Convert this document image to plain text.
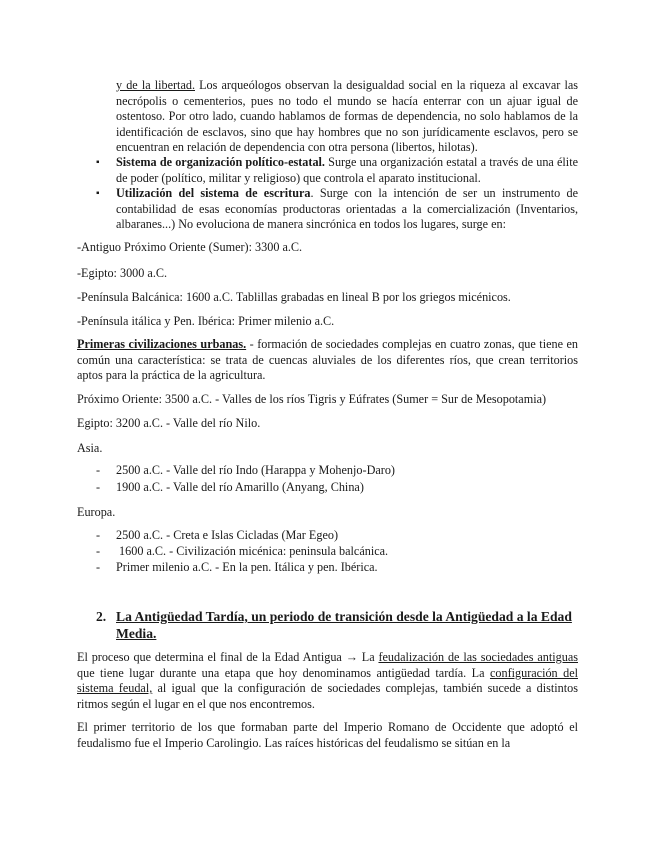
y de la libertad. Los arqueólogos observan la desigualdad social en la riqueza al excavar las necrópolis o cementerios, pues no todo el mundo se hacía enterrar con un ajuar igual de ostentoso. Por otro lado, cuando hablamos de formas de dependencia, no solo hablamos de la identificación de esclavos, sino que hay hombres que no son jurídicamente esclavos, pero se encuentran en relación de dependencia con otra persona (libertos, hilotas).

▪ Sistema de organización político-estatal. Surge una organización estatal a través de una élite de poder (político, militar y religioso) que controla el aparato institucional.

▪ Utilización del sistema de escritura. Surge con la intención de ser un instrumento de contabilidad de esas economías productoras orientadas a la comercialización (Inventarios, albaranes...) No evoluciona de manera sincrónica en todos los lugares, surge en:

-Antiguo Próximo Oriente (Sumer): 3300 a.C.

-Egipto: 3000 a.C.

-Península Balcánica: 1600 a.C. Tablillas grabadas en lineal B por los griegos micénicos.

-Península itálica y Pen. Ibérica: Primer milenio a.C.

Primeras civilizaciones urbanas. - formación de sociedades complejas en cuatro zonas, que tiene en común una característica: se trata de cuencas aluviales de los diferentes ríos, que crean territorios aptos para la práctica de la agricultura.

Próximo Oriente: 3500 a.C. - Valles de los ríos Tigris y Eúfrates (Sumer = Sur de Mesopotamia)

Egipto: 3200 a.C. - Valle del río Nilo.

Asia.

- 2500 a.C. - Valle del río Indo (Harappa y Mohenjo-Daro)

- 1900 a.C. - Valle del río Amarillo (Anyang, China)

Europa.

- 2500 a.C. - Creta e Islas Cicladas (Mar Egeo)

- 1600 a.C. - Civilización micénica: peninsula balcánica.

- Primer milenio a.C. - En la pen. Itálica y pen. Ibérica.

2. La Antigüedad Tardía, un periodo de transición desde la Antigüedad a la Edad Media.

El proceso que determina el final de la Edad Antigua → La feudalización de las sociedades antiguas que tiene lugar durante una etapa que hoy denominamos antigüedad tardía. La configuración del sistema feudal, al igual que la configuración de sociedades complejas, también sucede a distintos ritmos según el lugar en el que nos encontremos.

El primer territorio de los que formaban parte del Imperio Romano de Occidente que adoptó el feudalismo fue el Imperio Carolingio. Las raíces históricas del feudalismo se sitúan en la
